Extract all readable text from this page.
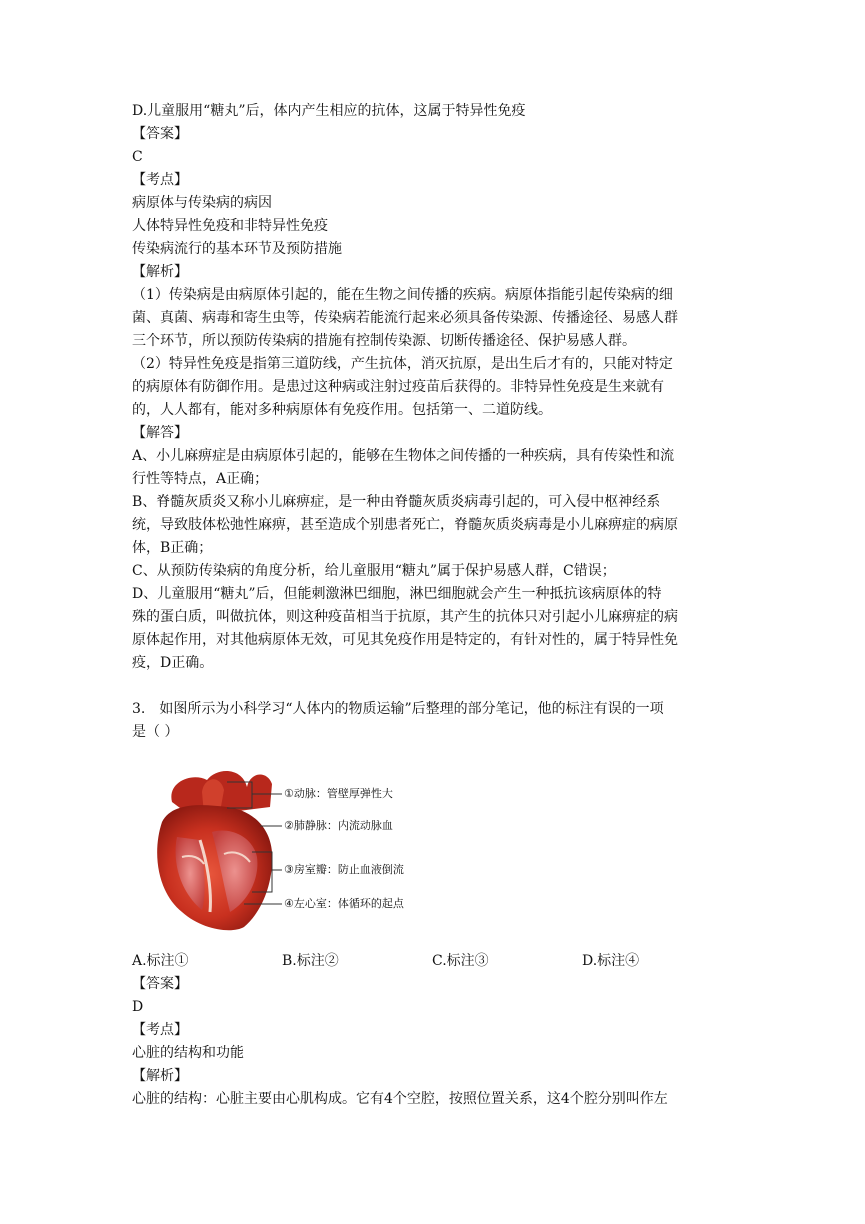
D.儿童服用“糖丸”后，体内产生相应的抗体，这属于特异性免疫
【答案】
C
【考点】
病原体与传染病的病因
人体特异性免疫和非特异性免疫
传染病流行的基本环节及预防措施
【解析】
（1）传染病是由病原体引起的，能在生物之间传播的疾病。病原体指能引起传染病的细
菌、真菌、病毒和寄生虫等，传染病若能流行起来必须具备传染源、传播途径、易感人群
三个环节，所以预防传染病的措施有控制传染源、切断传播途径、保护易感人群。
（2）特异性免疫是指第三道防线，产生抗体，消灭抗原，是出生后才有的，只能对特定
的病原体有防御作用。是患过这种病或注射过疫苗后获得的。非特异性免疫是生来就有
的，人人都有，能对多种病原体有免疫作用。包括第一、二道防线。
【解答】
A、小儿麻痹症是由病原体引起的，能够在生物体之间传播的一种疾病，具有传染性和流
行性等特点，A正确；
B、脊髓灰质炎又称小儿麻痹症，是一种由脊髓灰质炎病毒引起的，可入侵中枢神经系
统，导致肢体松弛性麻痹，甚至造成个别患者死亡，脊髓灰质炎病毒是小儿麻痹症的病原
体，B正确；
C、从预防传染病的角度分析，给儿童服用“糖丸”属于保护易感人群，C错误；
D、儿童服用“糖丸”后，但能刺激淋巴细胞，淋巴细胞就会产生一种抵抗该病原体的特
殊的蛋白质，叫做抗体，则这种疫苗相当于抗原，其产生的抗体只对引起小儿麻痹症的病
原体起作用，对其他病原体无效，可见其免疫作用是特定的，有针对性的，属于特异性免
疫，D正确。
3.　如图所示为小科学习“人体内的物质运输”后整理的部分笔记，他的标注有误的一项
是（ ）
①动脉：管壁厚弹性大
②肺静脉：内流动脉血
③房室瓣：防止血液倒流
④左心室：体循环的起点
A.标注①	B.标注②	C.标注③	D.标注④
【答案】
D
【考点】
心脏的结构和功能
【解析】
心脏的结构：心脏主要由心肌构成。它有4个空腔，按照位置关系，这4个腔分别叫作左
